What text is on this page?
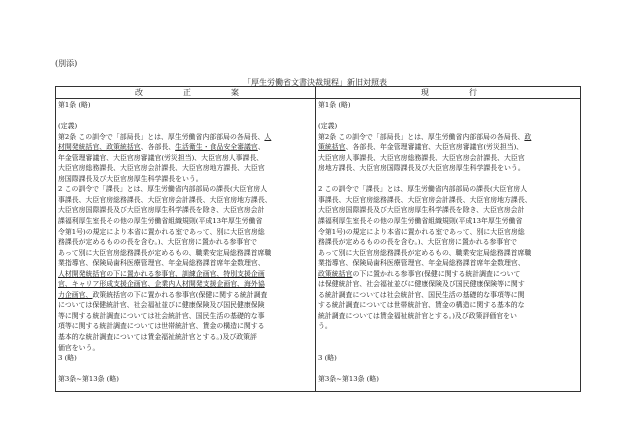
(別添)
「厚生労働省文書決裁規程」新旧対照表
改正案	現行
第1条 (略)
(定義)
第2条 この訓令で「部局長」とは、厚生労働省内部部局の各局長、人
材開発統括官、政策統括官、各部長、生活衛生・食品安全審議官、
年金管理審議官、大臣官房審議官(労災担当)、大臣官房人事課長、
大臣官房総務課長、大臣官房会計課長、大臣官房地方課長、大臣官
房国際課長及び大臣官房厚生科学課長をいう。
2 この訓令で「課長」とは、厚生労働省内部部局の課長(大臣官房人
事課長、大臣官房総務課長、大臣官房会計課長、大臣官房地方課長、
大臣官房国際課長及び大臣官房厚生科学課長を除き、大臣官房会計
課福利厚生室長その他の厚生労働省組織規則(平成13年厚生労働省
令第1号)の規定により本省に置かれる室であって、別に大臣官房総
務課長が定めるものの長を含む。)、大臣官房に置かれる参事官で
あって別に大臣官房総務課長が定めるもの、職業安定局総務課首席職
業指導官、保険局歯科医療管理官、年金局総務課首席年金数理官、
人材開発統括官の下に置かれる参事官、訓練企画官、特別支援企画
官、キャリア形成支援企画官、企業内人材開発支援企画官、海外協
力企画官、政策統括官の下に置かれる参事官(保健に関する統計調査
については保健統計官、社会福祉並びに健康保険及び国民健康保険
等に関する統計調査については社会統計官、国民生活の基礎的な事
項等に関する統計調査については世帯統計官、賃金の構造に関する
基本的な統計調査については賃金福祉統計官とする。)及び政策評
価官をいう。
3 (略)
第3条~第13条 (略)
第1条 (略)
(定義)
第2条 この訓令で「部局長」とは、厚生労働省内部部局の各局長、政
策統括官、各部長、年金管理審議官、大臣官房審議官(労災担当)、
大臣官房人事課長、大臣官房総務課長、大臣官房会計課長、大臣官
房地方課長、大臣官房国際課長及び大臣官房厚生科学課長をいう。
2 この訓令で「課長」とは、厚生労働省内部部局の課長(大臣官房人
事課長、大臣官房総務課長、大臣官房会計課長、大臣官房地方課長、
大臣官房国際課長及び大臣官房厚生科学課長を除き、大臣官房会計
課福利厚生室長その他の厚生労働省組織規則(平成13年厚生労働省
令第1号)の規定により本省に置かれる室であって、別に大臣官房総
務課長が定めるものの長を含む。)、大臣官房に置かれる参事官で
あって別に大臣官房総務課長が定めるもの、職業安定局総務課首席職
業指導官、保険局歯科医療管理官、年金局総務課首席年金数理官、
政策統括官の下に置かれる参事官(保健に関する統計調査について
は保健統計官、社会福祉並びに健康保険及び国民健康保険等に関す
る統計調査については社会統計官、国民生活の基礎的な事項等に関
する統計調査については世帯統計官、賃金の構造に関する基本的な
統計調査については賃金福祉統計官とする。)及び政策評価官をい
う。
3 (略)
第3条~第13条 (略)
